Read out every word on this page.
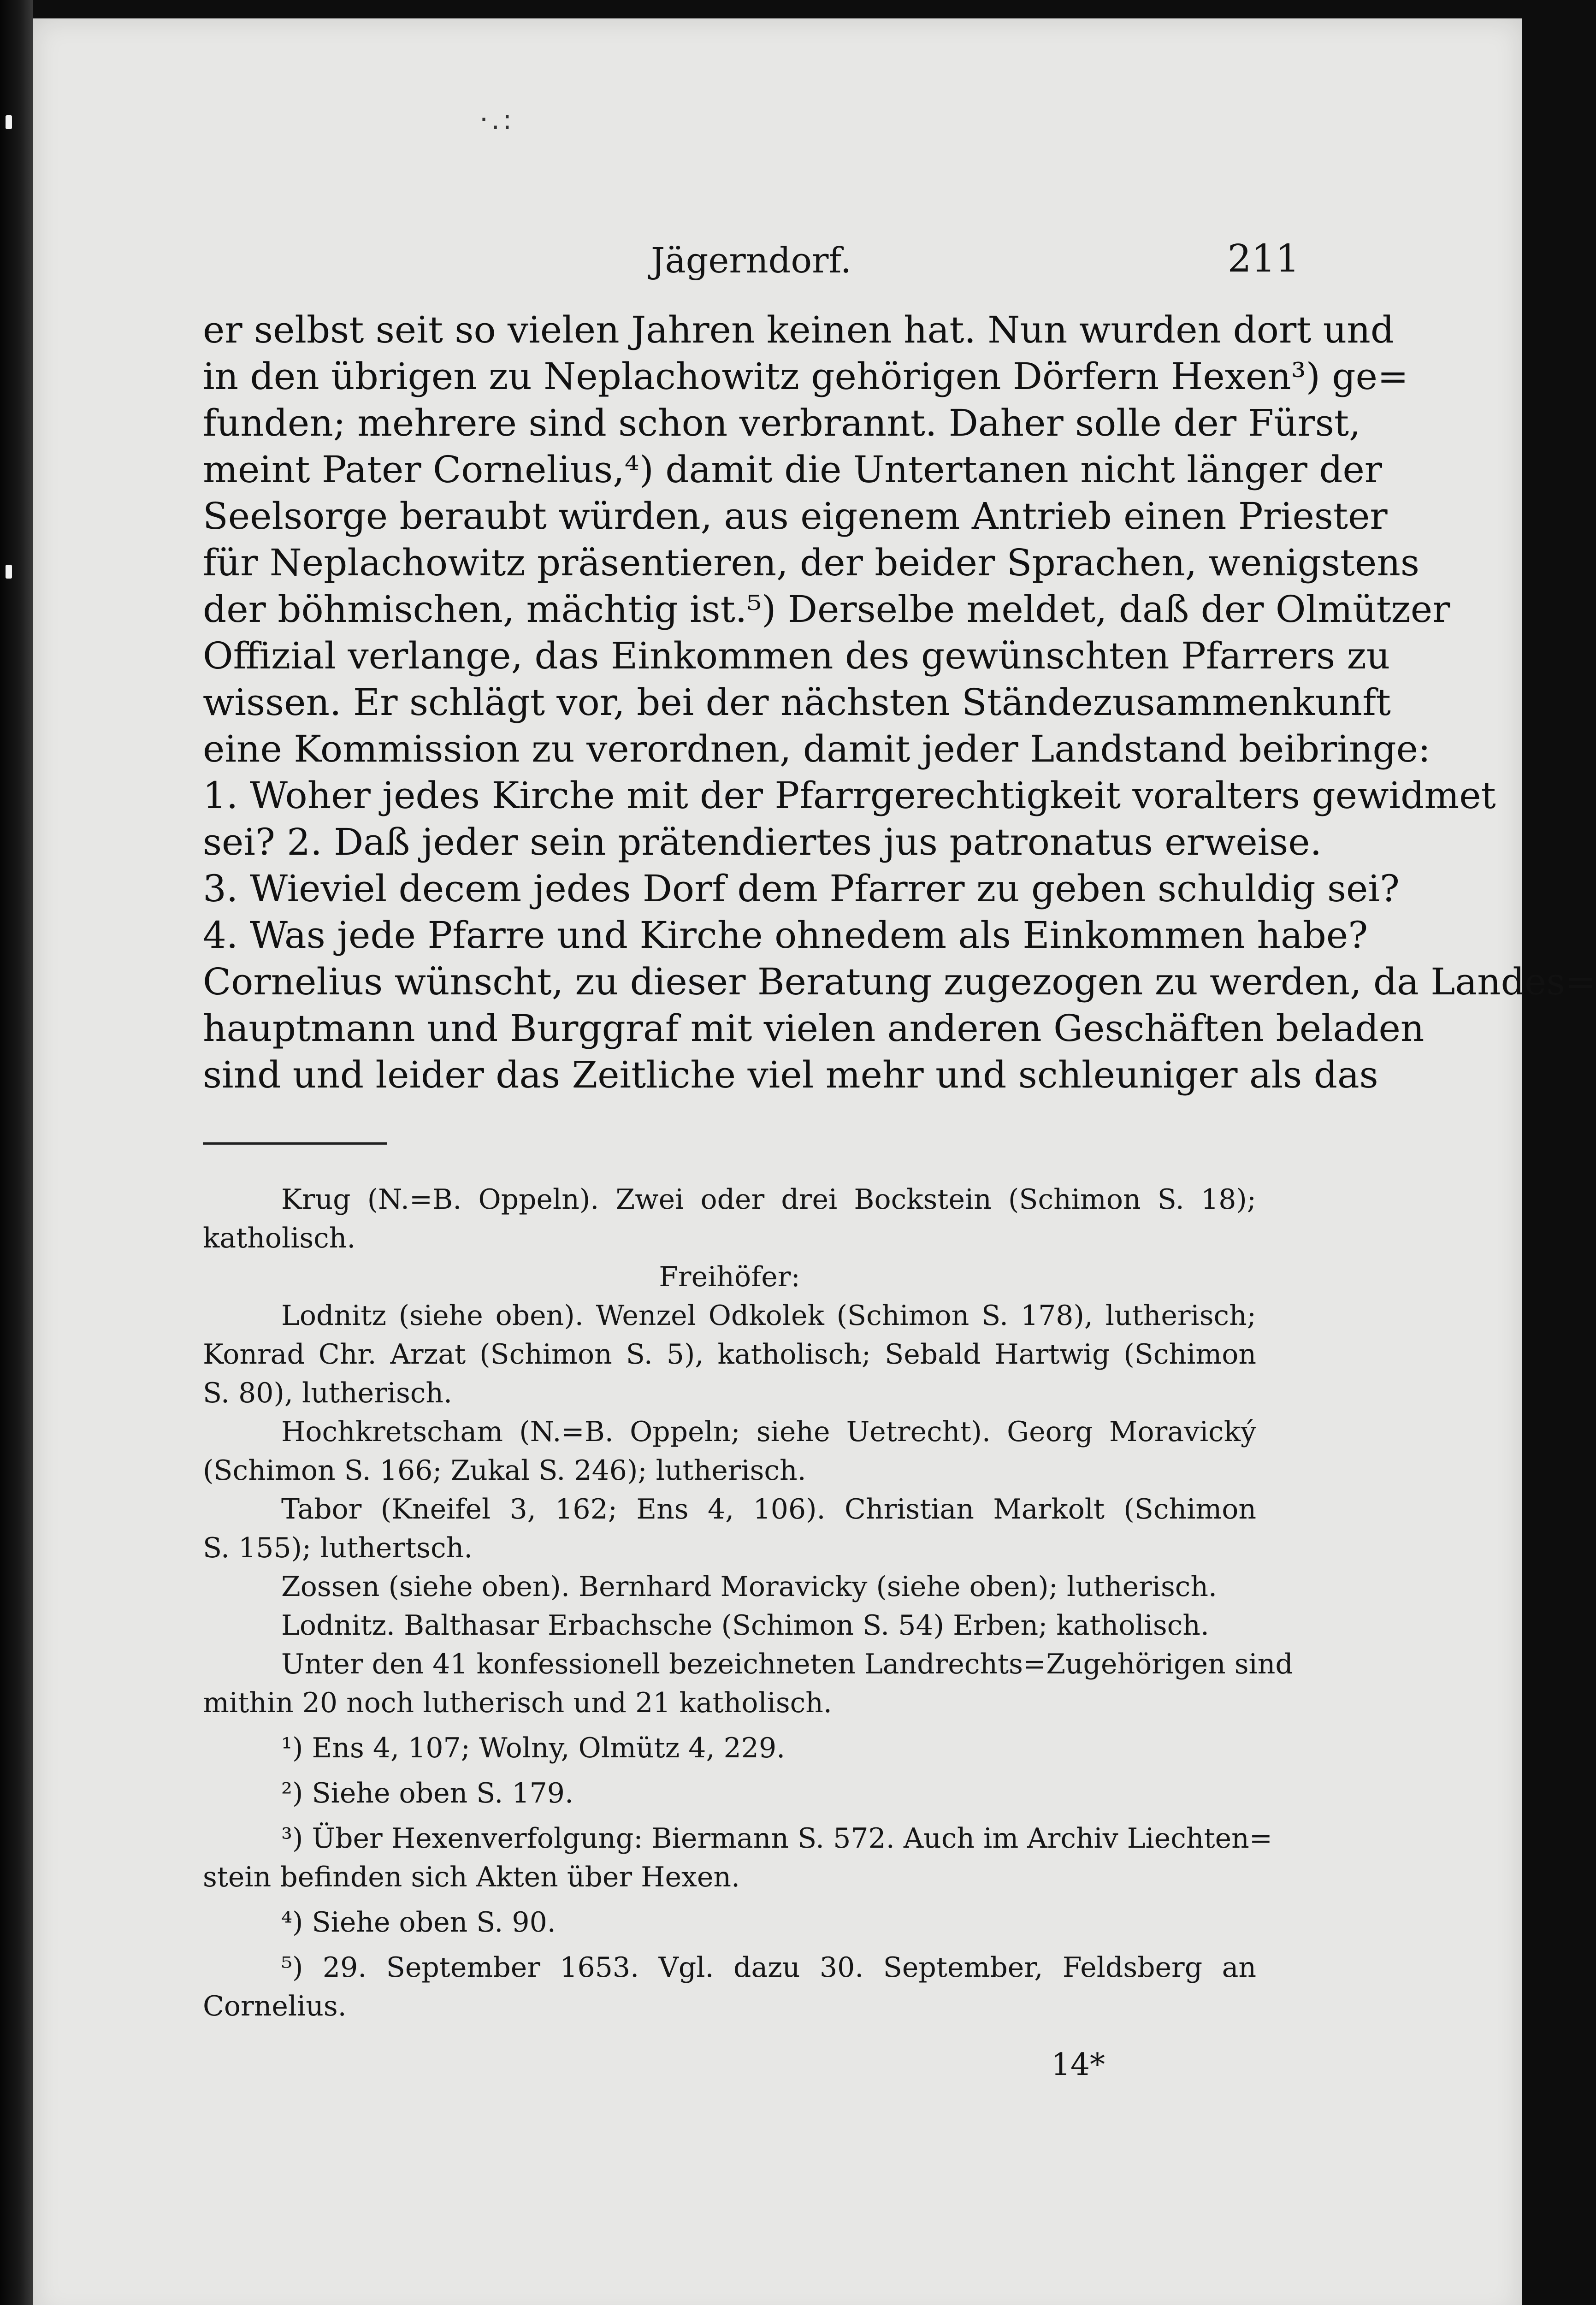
·.:
Jägerndorf.	211
er selbst seit so vielen Jahren keinen hat. Nun wurden dort und
in den übrigen zu Neplachowitz gehörigen Dörfern Hexen³) ge=
funden; mehrere sind schon verbrannt. Daher solle der Fürst,
meint Pater Cornelius,⁴) damit die Untertanen nicht länger der
Seelsorge beraubt würden, aus eigenem Antrieb einen Priester
für Neplachowitz präsentieren, der beider Sprachen, wenigstens
der böhmischen, mächtig ist.⁵) Derselbe meldet, daß der Olmützer
Offizial verlange, das Einkommen des gewünschten Pfarrers zu
wissen. Er schlägt vor, bei der nächsten Ständezusammenkunft
eine Kommission zu verordnen, damit jeder Landstand beibringe:
1. Woher jedes Kirche mit der Pfarrgerechtigkeit voralters gewidmet
sei? 2. Daß jeder sein prätendiertes jus patronatus erweise.
3. Wieviel decem jedes Dorf dem Pfarrer zu geben schuldig sei?
4. Was jede Pfarre und Kirche ohnedem als Einkommen habe?
Cornelius wünscht, zu dieser Beratung zugezogen zu werden, da Landes=
hauptmann und Burggraf mit vielen anderen Geschäften beladen
sind und leider das Zeitliche viel mehr und schleuniger als das
Krug (N.=B. Oppeln). Zwei oder drei Bockstein (Schimon S. 18);
katholisch.
Freihöfer:
Lodnitz (siehe oben). Wenzel Odkolek (Schimon S. 178), lutherisch;
Konrad Chr. Arzat (Schimon S. 5), katholisch; Sebald Hartwig (Schimon
S. 80), lutherisch.
Hochkretscham (N.=B. Oppeln; siehe Uetrecht). Georg Moravický
(Schimon S. 166; Zukal S. 246); lutherisch.
Tabor (Kneifel 3, 162; Ens 4, 106). Christian Markolt (Schimon
S. 155); luthertsch.
Zossen (siehe oben). Bernhard Moravicky (siehe oben); lutherisch.
Lodnitz. Balthasar Erbachsche (Schimon S. 54) Erben; katholisch.
Unter den 41 konfessionell bezeichneten Landrechts=Zugehörigen sind
mithin 20 noch lutherisch und 21 katholisch.
¹) Ens 4, 107; Wolny, Olmütz 4, 229.
²) Siehe oben S. 179.
³) Über Hexenverfolgung: Biermann S. 572. Auch im Archiv Liechten=
stein befinden sich Akten über Hexen.
⁴) Siehe oben S. 90.
⁵) 29. September 1653. Vgl. dazu 30. September, Feldsberg an
Cornelius.
14*
